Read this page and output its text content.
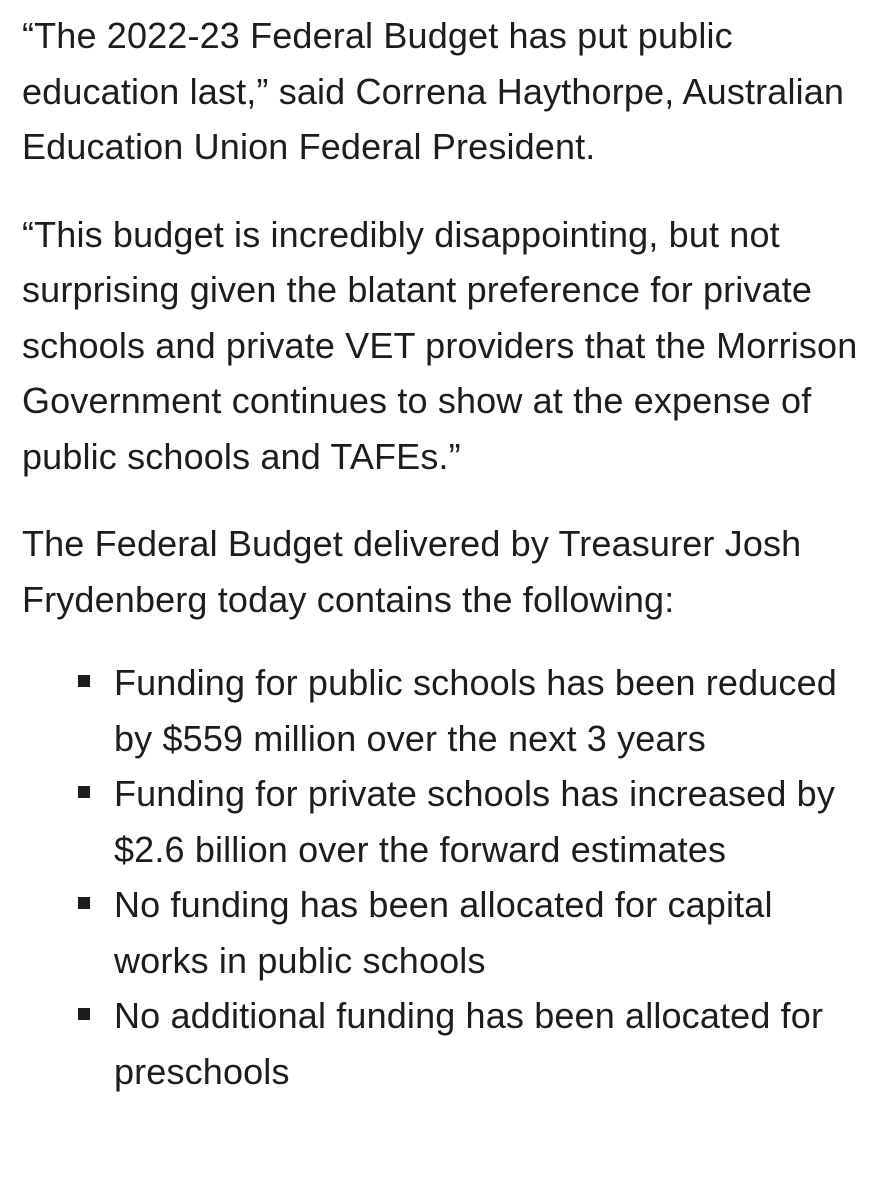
“The 2022-23 Federal Budget has put public education last,” said Correna Haythorpe, Australian Education Union Federal President.

“This budget is incredibly disappointing, but not surprising given the blatant preference for private schools and private VET providers that the Morrison Government continues to show at the expense of public schools and TAFEs.”

The Federal Budget delivered by Treasurer Josh Frydenberg today contains the following:

Funding for public schools has been reduced by $559 million over the next 3 years
Funding for private schools has increased by $2.6 billion over the forward estimates
No funding has been allocated for capital works in public schools
No additional funding has been allocated for preschools
